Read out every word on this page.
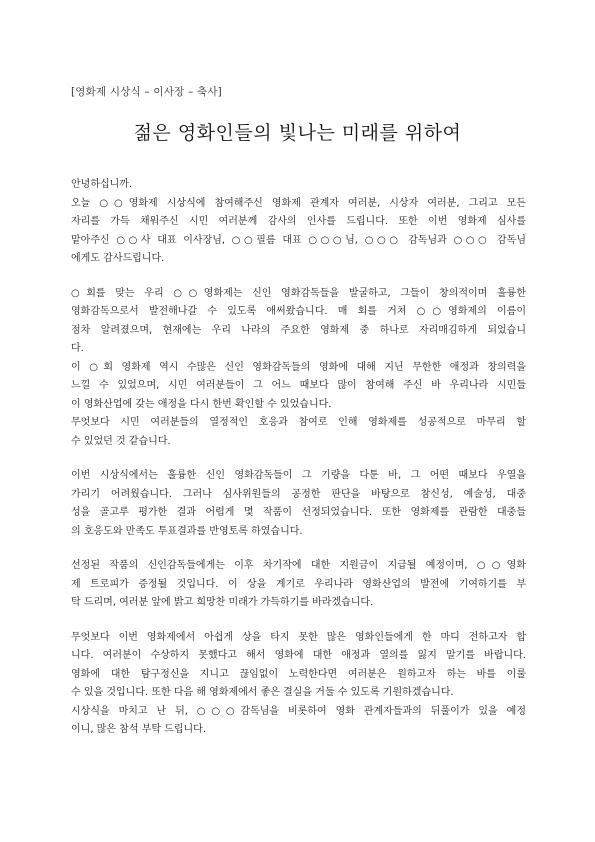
[영화제 시상식 – 이사장 – 축사]
젊은 영화인들의 빛나는 미래를 위하여
안녕하십니까.
오늘 ○○영화제 시상식에 참여해주신 영화제 관계자 여러분, 시상자 여러분, 그리고 모든
자리를 가득 채워주신 시민 여러분께 감사의 인사를 드립니다. 또한 이번 영화제 심사를
맡아주신 ○○사 대표 이사장님, ○○필름 대표 ○○○님, ○○○ 감독님과 ○○○ 감독님
에게도 감사드립니다.
○회를 맞는 우리 ○○영화제는 신인 영화감독들을 발굴하고, 그들이 창의적이며 훌륭한
영화감독으로서 발전해나갈 수 있도록 애써왔습니다. 매 회를 거쳐 ○○영화제의 이름이
점차 알려졌으며, 현재에는 우리 나라의 주요한 영화제 중 하나로 자리매김하게 되었습니
다.
이 ○회 영화제 역시 수많은 신인 영화감독들의 영화에 대해 지닌 무한한 애정과 창의력을
느낄 수 있었으며, 시민 여러분들이 그 어느 때보다 많이 참여해 주신 바 우리나라 시민들
이 영화산업에 갖는 애정을 다시 한번 확인할 수 있었습니다.
무엇보다 시민 여러분들의 열정적인 호응과 참여로 인해 영화제를 성공적으로 마무리 할
수 있었던 것 같습니다.
이번 시상식에서는 훌륭한 신인 영화감독들이 그 기량을 다툰 바, 그 어떤 때보다 우열을
가리기 어려웠습니다. 그러나 심사위원들의 공정한 판단을 바탕으로 참신성, 예술성, 대중
성을 골고루 평가한 결과 어렵게 몇 작품이 선정되었습니다. 또한 영화제를 관람한 대중들
의 호응도와 만족도 투표결과를 반영토록 하였습니다.
선정된 작품의 신인감독들에게는 이후 차기작에 대한 지원금이 지급될 예정이며, ○○영화
제 트로피가 증정될 것입니다. 이 상을 계기로 우리나라 영화산업의 발전에 기여하기를 부
탁 드리며, 여러분 앞에 밝고 희망찬 미래가 가득하기를 바라겠습니다.
무엇보다 이번 영화제에서 아쉽게 상을 타지 못한 많은 영화인들에게 한 마디 전하고자 합
니다. 여러분이 수상하지 못했다고 해서 영화에 대한 애정과 열의를 잃지 말기를 바랍니다.
영화에 대한 탐구정신을 지니고 끊임없이 노력한다면 여러분은 원하고자 하는 바를 이룰
수 있을 것입니다. 또한 다음 해 영화제에서 좋은 결실을 거둘 수 있도록 기원하겠습니다.
시상식을 마치고 난 뒤, ○○○감독님을 비롯하여 영화 관계자들과의 뒤풀이가 있을 예정
이니, 많은 참석 부탁 드립니다.
